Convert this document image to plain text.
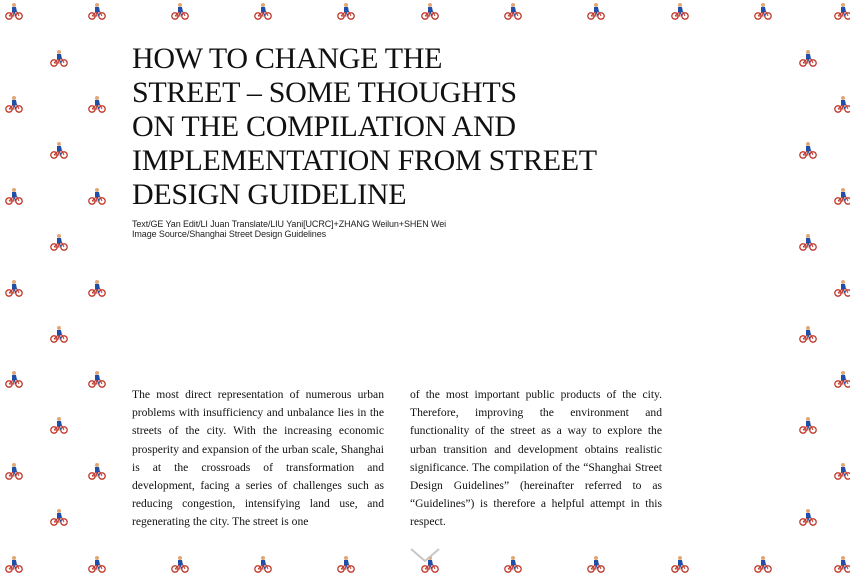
HOW TO CHANGE THE
STREET – SOME THOUGHTS
ON THE COMPILATION AND
IMPLEMENTATION FROM STREET
DESIGN GUIDELINE
Text/GE Yan Edit/LI Juan Translate/LIU Yani[UCRC]+ZHANG Weilun+SHEN Wei
Image Source/Shanghai Street Design Guidelines

The most direct representation of numerous urban problems with insufficiency and unbalance lies in the streets of the city. With the increasing economic prosperity and expansion of the urban scale, Shanghai is at the crossroads of transformation and development, facing a series of challenges such as reducing congestion, intensifying land use, and regenerating the city. The street is one

of the most important public products of the city. Therefore, improving the environment and functionality of the street as a way to explore the urban transition and development obtains realistic significance. The compilation of the “Shanghai Street Design Guidelines” (hereinafter referred to as “Guidelines”) is therefore a helpful attempt in this respect.
